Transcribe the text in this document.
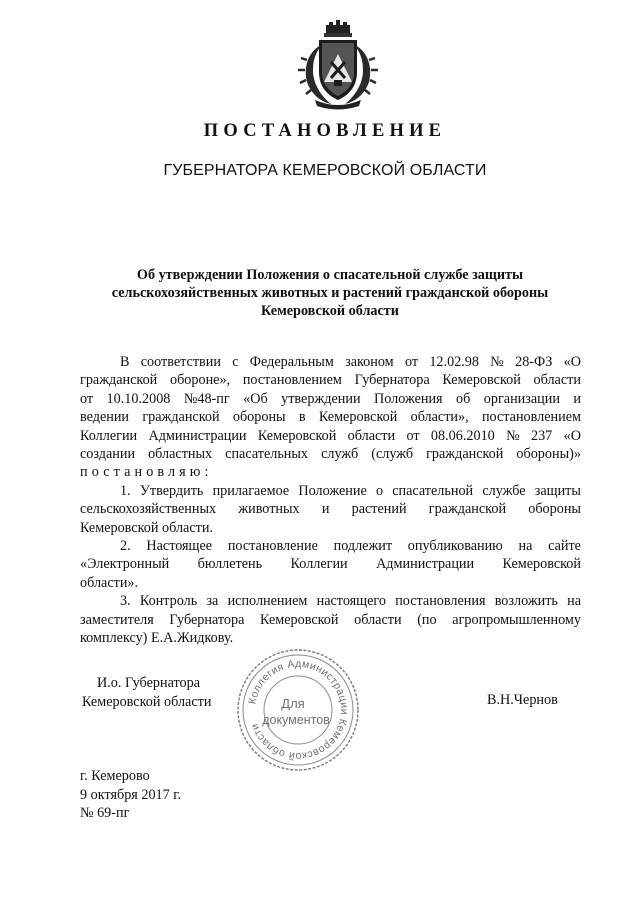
ПОСТАНОВЛЕНИЕ
ГУБЕРНАТОРА КЕМЕРОВСКОЙ ОБЛАСТИ
Об утверждении Положения о спасательной службе защиты
сельскохозяйственных животных и растений гражданской обороны
Кемеровской области
В соответствии с Федеральным законом от 12.02.98 № 28-ФЗ «О
гражданской обороне», постановлением Губернатора Кемеровской области
от 10.10.2008 №48-пг «Об утверждении Положения об организации и
ведении гражданской обороны в Кемеровской области», постановлением
Коллегии Администрации Кемеровской области от 08.06.2010 № 237 «О
создании областных спасательных служб (служб гражданской обороны)»
постановляю:
1. Утвердить прилагаемое Положение о спасательной службе защиты
сельскохозяйственных животных и растений гражданской обороны
Кемеровской области.
2. Настоящее постановление подлежит опубликованию на сайте
«Электронный бюллетень Коллегии Администрации Кемеровской
области».
3. Контроль за исполнением настоящего постановления возложить на
заместителя Губернатора Кемеровской области (по агропромышленному
комплексу) Е.А.Жидкову.
И.о. Губернатора
Кемеровской области	Коллегия Администрации Кемеровской области
Для
документов
В.Н.Чернов
г. Кемерово
9 октября 2017 г.
№ 69-пг
